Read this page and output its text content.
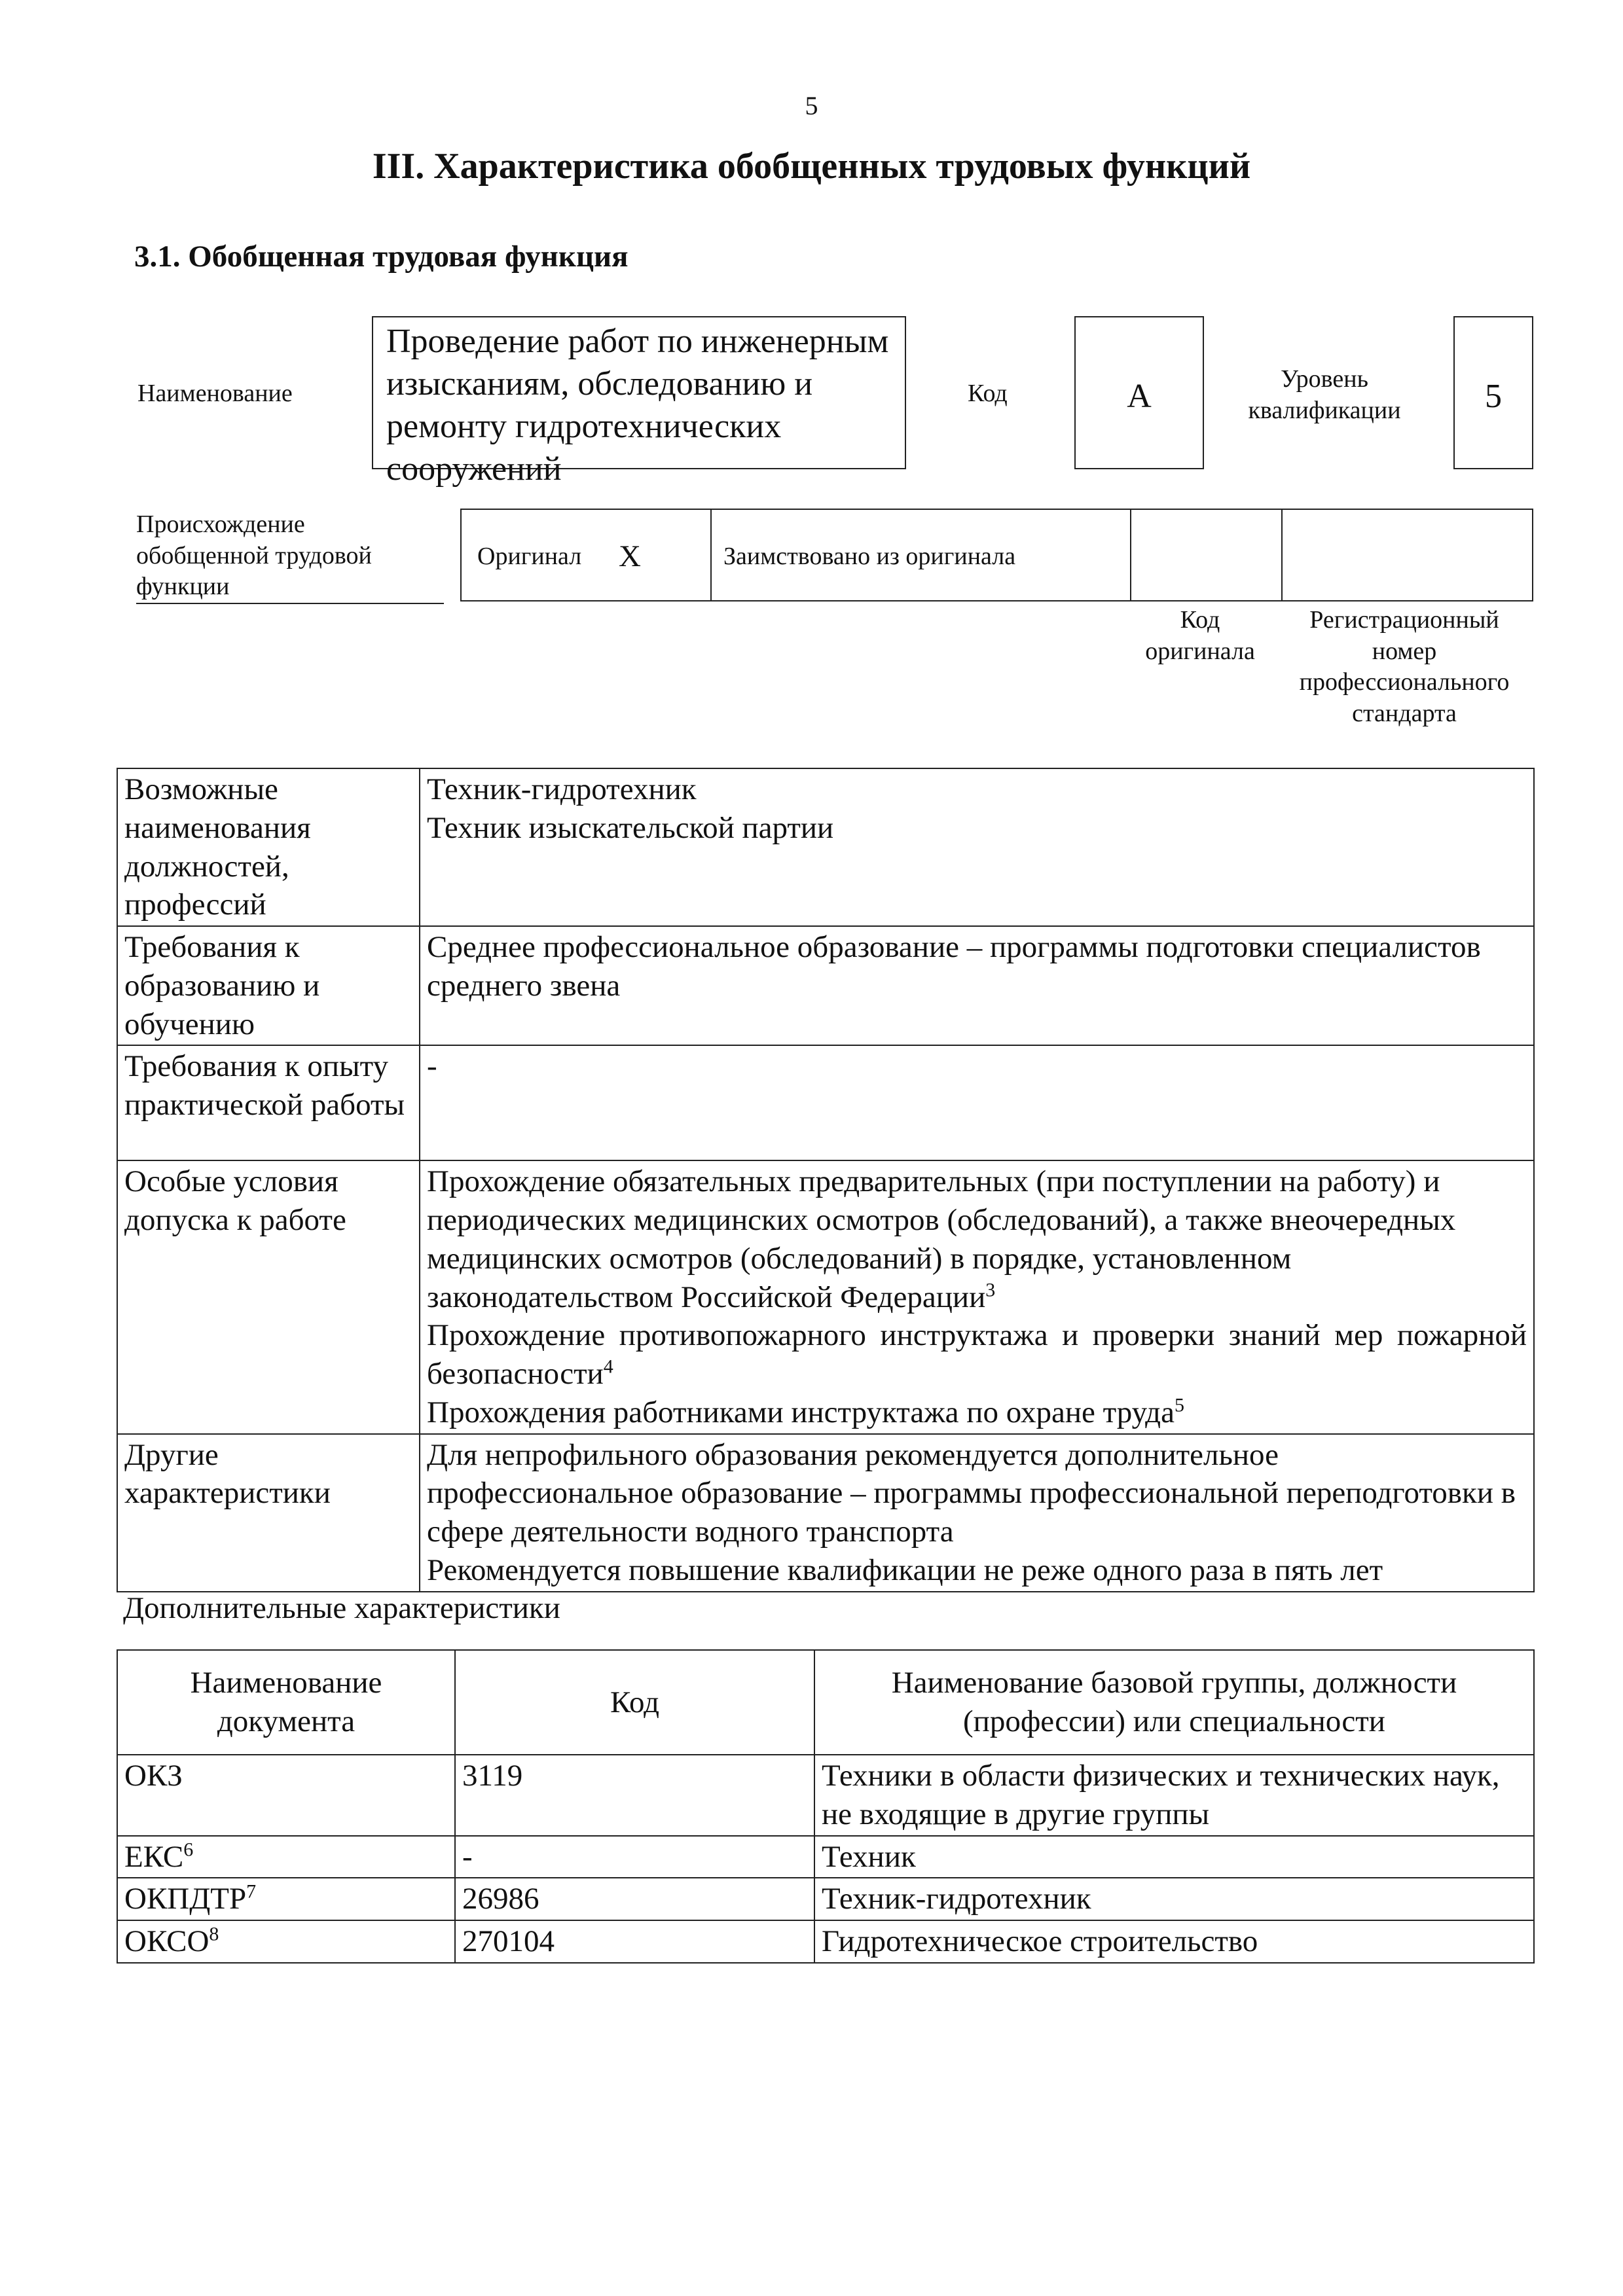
5
III. Характеристика обобщенных трудовых функций
3.1. Обобщенная трудовая функция
Наименование
Проведение работ по инженерным изысканиям, обследованию и ремонту гидротехнических сооружений
Код	А	Уровень квалификации	5
Происхождение обобщенной трудовой функции
Оригинал Х	Заимствовано из оригинала
Код оригинала
Регистрационный номер профессионального стандарта
Возможные наименования должностей, профессий	Техник-гидротехник
Техник изыскательской партии

Требования к образованию и обучению	Среднее профессиональное образование – программы подготовки специалистов среднего звена
Требования к опыту практической работы	-
Особые условия допуска к работе	Прохождение обязательных предварительных (при поступлении на работу) и периодических медицинских осмотров (обследований), а также внеочередных медицинских осмотров (обследований) в порядке, установленном законодательством Российской Федерации$^3$
Прохождение противопожарного инструктажа и проверки знаний мер пожарной безопасности$^4$
Прохождения работниками инструктажа по охране труда$^5$

Другие характеристики	Для непрофильного образования рекомендуется дополнительное профессиональное образование – программы профессиональной переподготовки в сфере деятельности водного транспорта
Рекомендуется повышение квалификации не реже одного раза в пять лет
Дополнительные характеристики
Наименование документа	Код	Наименование базовой группы, должности (профессии) или специальности
ОКЗ	3119	Техники в области физических и технических наук, не входящие в другие группы
ЕКС$^6$	-	Техник
ОКПДТР$^7$	26986	Техник-гидротехник
ОКСО$^8$	270104	Гидротехническое строительство
